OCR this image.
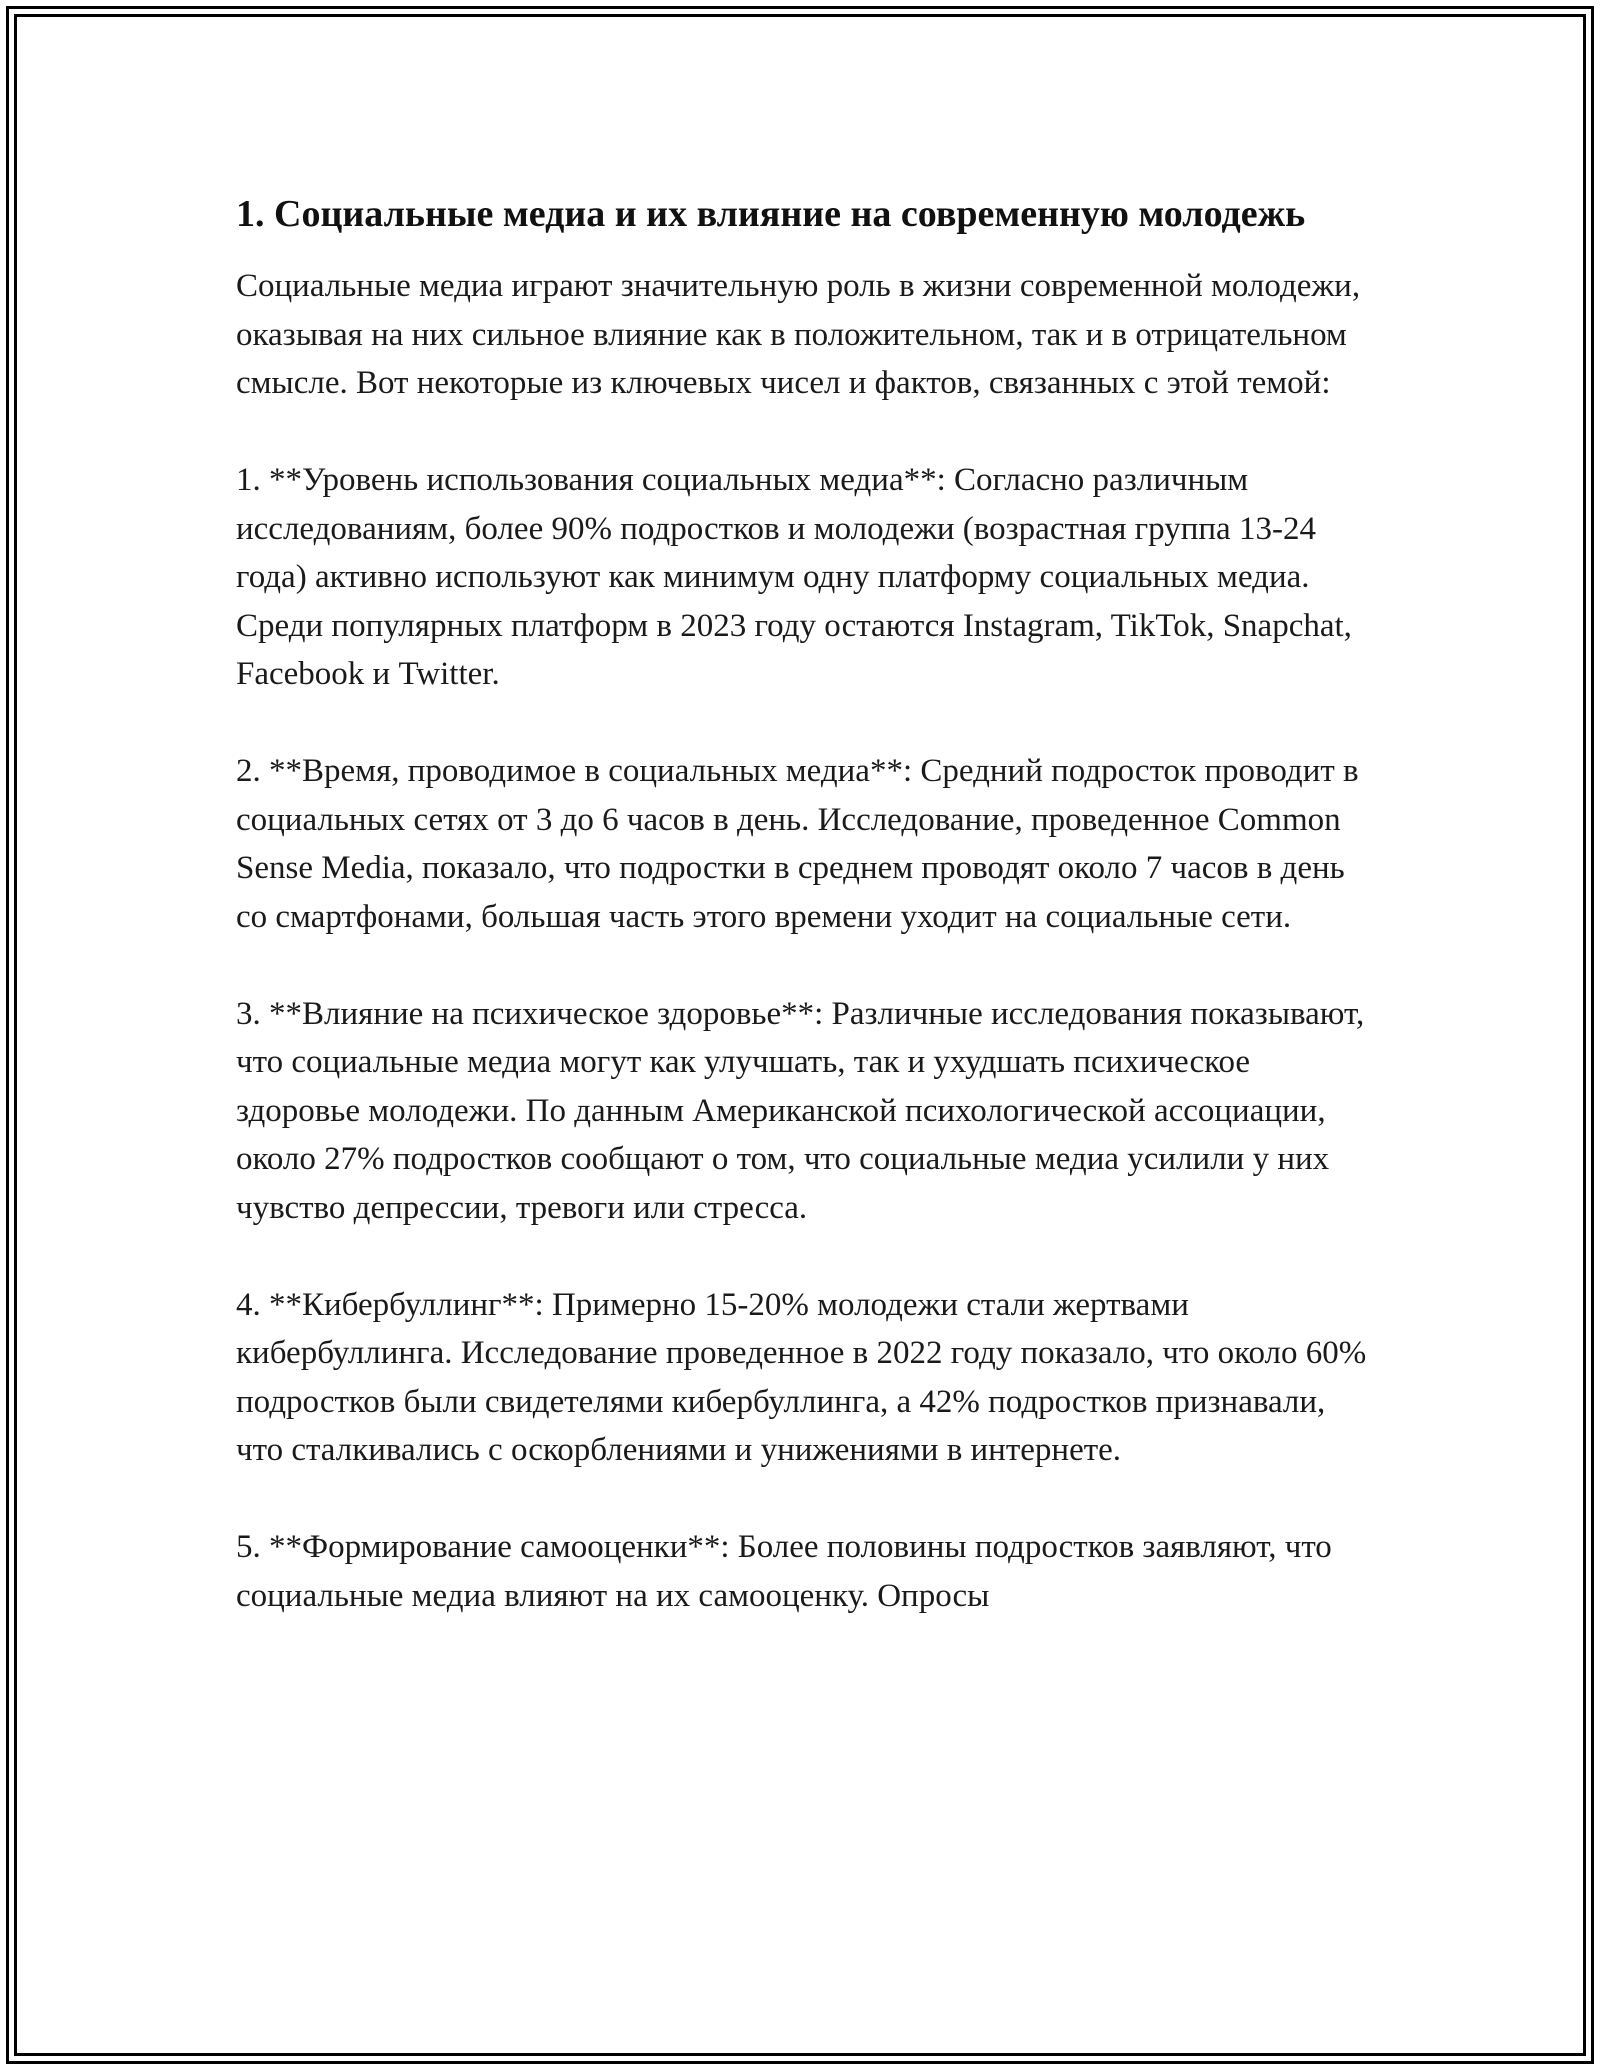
1. Социальные медиа и их влияние на современную молодежь

Социальные медиа играют значительную роль в жизни современной молодежи, оказывая на них сильное влияние как в положительном, так и в отрицательном смысле. Вот некоторые из ключевых чисел и фактов, связанных с этой темой:

1. **Уровень использования социальных медиа**: Согласно различным исследованиям, более 90% подростков и молодежи (возрастная группа 13-24 года) активно используют как минимум одну платформу социальных медиа. Среди популярных платформ в 2023 году остаются Instagram, TikTok, Snapchat, Facebook и Twitter.

2. **Время, проводимое в социальных медиа**: Средний подросток проводит в социальных сетях от 3 до 6 часов в день. Исследование, проведенное Common Sense Media, показало, что подростки в среднем проводят около 7 часов в день со смартфонами, большая часть этого времени уходит на социальные сети.

3. **Влияние на психическое здоровье**: Различные исследования показывают, что социальные медиа могут как улучшать, так и ухудшать психическое здоровье молодежи. По данным Американской психологической ассоциации, около 27% подростков сообщают о том, что социальные медиа усилили у них чувство депрессии, тревоги или стресса.

4. **Кибербуллинг**: Примерно 15-20% молодежи стали жертвами кибербуллинга. Исследование проведенное в 2022 году показало, что около 60% подростков были свидетелями кибербуллинга, а 42% подростков признавали, что сталкивались с оскорблениями и унижениями в интернете.

5. **Формирование самооценки**: Более половины подростков заявляют, что социальные медиа влияют на их самооценку. Опросы
